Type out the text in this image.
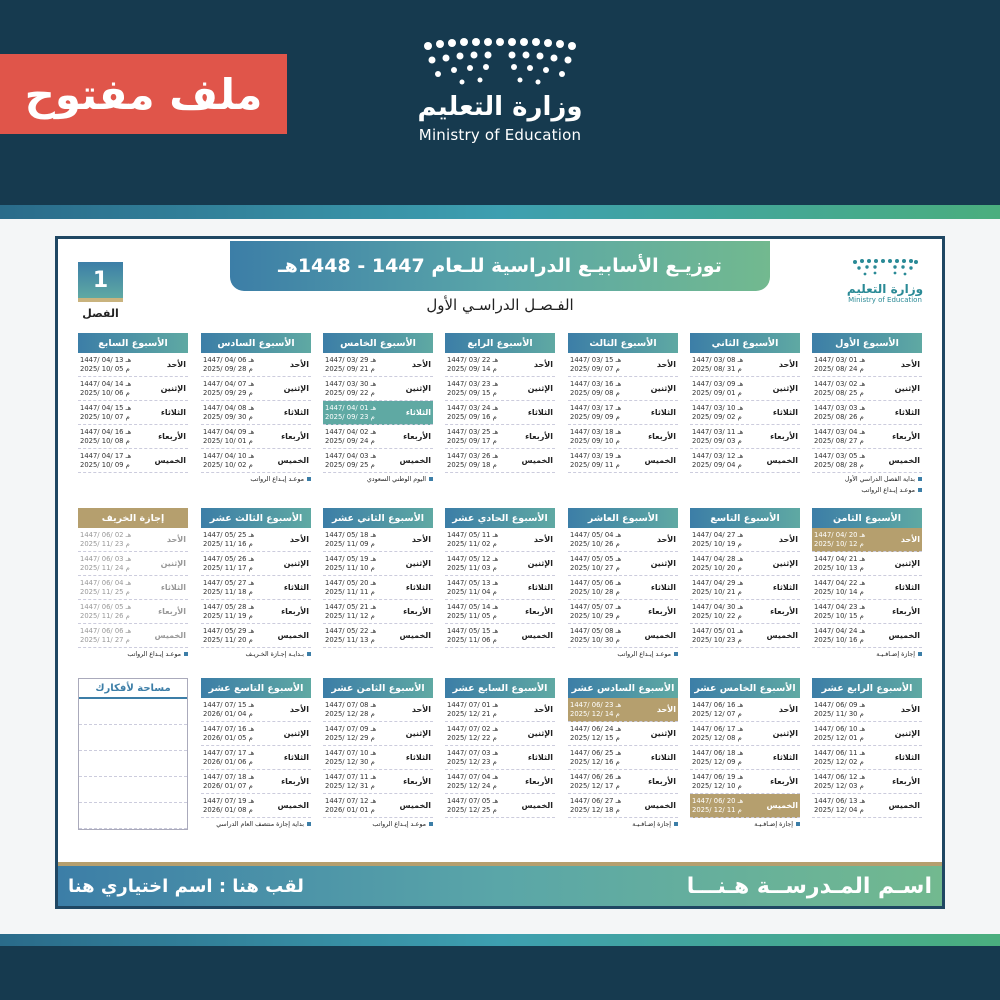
ملف مفتوح	وزارة التعليم
Ministry of Education
توزيـع الأسابيـع الدراسية للـعام 1447 - 1448هـ
الفـصـل الدراسـي الأول
1
الفصل
وزارة التعليم
Ministry of Education
الأسبوع الأول
الأحد
1447/ 03/ 01 هـ
2025/ 08/ 24 م
الإثنين
1447/ 03/ 02 هـ
2025/ 08/ 25 م
الثلاثاء
1447/ 03/ 03 هـ
2025/ 08/ 26 م
الأربعاء
1447/ 03/ 04 هـ
2025/ 08/ 27 م
الخميس
1447/ 03/ 05 هـ
2025/ 08/ 28 م
بداية الفصل الدراسي الأول
موعـد إيـداع الرواتب
الأسبوع الثاني
الأحد
1447/ 03/ 08 هـ
2025/ 08/ 31 م
الإثنين
1447/ 03/ 09 هـ
2025/ 09/ 01 م
الثلاثاء
1447/ 03/ 10 هـ
2025/ 09/ 02 م
الأربعاء
1447/ 03/ 11 هـ
2025/ 09/ 03 م
الخميس
1447/ 03/ 12 هـ
2025/ 09/ 04 م
الأسبوع الثالث
الأحد
1447/ 03/ 15 هـ
2025/ 09/ 07 م
الإثنين
1447/ 03/ 16 هـ
2025/ 09/ 08 م
الثلاثاء
1447/ 03/ 17 هـ
2025/ 09/ 09 م
الأربعاء
1447/ 03/ 18 هـ
2025/ 09/ 10 م
الخميس
1447/ 03/ 19 هـ
2025/ 09/ 11 م
الأسبوع الرابع
الأحد
1447/ 03/ 22 هـ
2025/ 09/ 14 م
الإثنين
1447/ 03/ 23 هـ
2025/ 09/ 15 م
الثلاثاء
1447/ 03/ 24 هـ
2025/ 09/ 16 م
الأربعاء
1447/ 03/ 25 هـ
2025/ 09/ 17 م
الخميس
1447/ 03/ 26 هـ
2025/ 09/ 18 م
الأسبوع الخامس
الأحد
1447/ 03/ 29 هـ
2025/ 09/ 21 م
الإثنين
1447/ 03/ 30 هـ
2025/ 09/ 22 م
الثلاثاء
1447/ 04/ 01 هـ
2025/ 09/ 23 م
الأربعاء
1447/ 04/ 02 هـ
2025/ 09/ 24 م
الخميس
1447/ 04/ 03 هـ
2025/ 09/ 25 م
اليوم الوطني السعودي
الأسبوع السادس
الأحد
1447/ 04/ 06 هـ
2025/ 09/ 28 م
الإثنين
1447/ 04/ 07 هـ
2025/ 09/ 29 م
الثلاثاء
1447/ 04/ 08 هـ
2025/ 09/ 30 م
الأربعاء
1447/ 04/ 09 هـ
2025/ 10/ 01 م
الخميس
1447/ 04/ 10 هـ
2025/ 10/ 02 م
موعـد إيـداع الرواتب
الأسبوع السابع
الأحد
1447/ 04/ 13 هـ
2025/ 10/ 05 م
الإثنين
1447/ 04/ 14 هـ
2025/ 10/ 06 م
الثلاثاء
1447/ 04/ 15 هـ
2025/ 10/ 07 م
الأربعاء
1447/ 04/ 16 هـ
2025/ 10/ 08 م
الخميس
1447/ 04/ 17 هـ
2025/ 10/ 09 م
الأسبوع الثامن
الأحد
1447/ 04/ 20 هـ
2025/ 10/ 12 م
الإثنين
1447/ 04/ 21 هـ
2025/ 10/ 13 م
الثلاثاء
1447/ 04/ 22 هـ
2025/ 10/ 14 م
الأربعاء
1447/ 04/ 23 هـ
2025/ 10/ 15 م
الخميس
1447/ 04/ 24 هـ
2025/ 10/ 16 م
إجازة إضـافـيـة
الأسبوع التاسع
الأحد
1447/ 04/ 27 هـ
2025/ 10/ 19 م
الإثنين
1447/ 04/ 28 هـ
2025/ 10/ 20 م
الثلاثاء
1447/ 04/ 29 هـ
2025/ 10/ 21 م
الأربعاء
1447/ 04/ 30 هـ
2025/ 10/ 22 م
الخميس
1447/ 05/ 01 هـ
2025/ 10/ 23 م
الأسبوع العاشر
الأحد
1447/ 05/ 04 هـ
2025/ 10/ 26 م
الإثنين
1447/ 05/ 05 هـ
2025/ 10/ 27 م
الثلاثاء
1447/ 05/ 06 هـ
2025/ 10/ 28 م
الأربعاء
1447/ 05/ 07 هـ
2025/ 10/ 29 م
الخميس
1447/ 05/ 08 هـ
2025/ 10/ 30 م
موعـد إيـداع الرواتب
الأسبوع الحادي عشر
الأحد
1447/ 05/ 11 هـ
2025/ 11/ 02 م
الإثنين
1447/ 05/ 12 هـ
2025/ 11/ 03 م
الثلاثاء
1447/ 05/ 13 هـ
2025/ 11/ 04 م
الأربعاء
1447/ 05/ 14 هـ
2025/ 11/ 05 م
الخميس
1447/ 05/ 15 هـ
2025/ 11/ 06 م
الأسبوع الثاني عشر
الأحد
1447/ 05/ 18 هـ
2025/ 11/ 09 م
الإثنين
1447/ 05/ 19 هـ
2025/ 11/ 10 م
الثلاثاء
1447/ 05/ 20 هـ
2025/ 11/ 11 م
الأربعاء
1447/ 05/ 21 هـ
2025/ 11/ 12 م
الخميس
1447/ 05/ 22 هـ
2025/ 11/ 13 م
الأسبوع الثالث عشر
الأحد
1447/ 05/ 25 هـ
2025/ 11/ 16 م
الإثنين
1447/ 05/ 26 هـ
2025/ 11/ 17 م
الثلاثاء
1447/ 05/ 27 هـ
2025/ 11/ 18 م
الأربعاء
1447/ 05/ 28 هـ
2025/ 11/ 19 م
الخميس
1447/ 05/ 29 هـ
2025/ 11/ 20 م
بـدايـة إجـازة الخـريـف
إجازة الخريف
الأحد
1447/ 06/ 02 هـ
2025/ 11/ 23 م
الإثنين
1447/ 06/ 03 هـ
2025/ 11/ 24 م
الثلاثاء
1447/ 06/ 04 هـ
2025/ 11/ 25 م
الأربعاء
1447/ 06/ 05 هـ
2025/ 11/ 26 م
الخميس
1447/ 06/ 06 هـ
2025/ 11/ 27 م
موعـد إيـداع الرواتب
الأسبوع الرابع عشر
الأحد
1447/ 06/ 09 هـ
2025/ 11/ 30 م
الإثنين
1447/ 06/ 10 هـ
2025/ 12/ 01 م
الثلاثاء
1447/ 06/ 11 هـ
2025/ 12/ 02 م
الأربعاء
1447/ 06/ 12 هـ
2025/ 12/ 03 م
الخميس
1447/ 06/ 13 هـ
2025/ 12/ 04 م
الأسبوع الخامس عشر
الأحد
1447/ 06/ 16 هـ
2025/ 12/ 07 م
الإثنين
1447/ 06/ 17 هـ
2025/ 12/ 08 م
الثلاثاء
1447/ 06/ 18 هـ
2025/ 12/ 09 م
الأربعاء
1447/ 06/ 19 هـ
2025/ 12/ 10 م
الخميس
1447/ 06/ 20 هـ
2025/ 12/ 11 م
إجازة إضـافـيـة
الأسبوع السادس عشر
الأحد
1447/ 06/ 23 هـ
2025/ 12/ 14 م
الإثنين
1447/ 06/ 24 هـ
2025/ 12/ 15 م
الثلاثاء
1447/ 06/ 25 هـ
2025/ 12/ 16 م
الأربعاء
1447/ 06/ 26 هـ
2025/ 12/ 17 م
الخميس
1447/ 06/ 27 هـ
2025/ 12/ 18 م
إجازة إضـافـيـة
الأسبوع السابع عشر
الأحد
1447/ 07/ 01 هـ
2025/ 12/ 21 م
الإثنين
1447/ 07/ 02 هـ
2025/ 12/ 22 م
الثلاثاء
1447/ 07/ 03 هـ
2025/ 12/ 23 م
الأربعاء
1447/ 07/ 04 هـ
2025/ 12/ 24 م
الخميس
1447/ 07/ 05 هـ
2025/ 12/ 25 م
الأسبوع الثامن عشر
الأحد
1447/ 07/ 08 هـ
2025/ 12/ 28 م
الإثنين
1447/ 07/ 09 هـ
2025/ 12/ 29 م
الثلاثاء
1447/ 07/ 10 هـ
2025/ 12/ 30 م
الأربعاء
1447/ 07/ 11 هـ
2025/ 12/ 31 م
الخميس
1447/ 07/ 12 هـ
2026/ 01/ 01 م
موعـد إيـداع الرواتب
الأسبوع التاسع عشر
الأحد
1447/ 07/ 15 هـ
2026/ 01/ 04 م
الإثنين
1447/ 07/ 16 هـ
2026/ 01/ 05 م
الثلاثاء
1447/ 07/ 17 هـ
2026/ 01/ 06 م
الأربعاء
1447/ 07/ 18 هـ
2026/ 01/ 07 م
الخميس
1447/ 07/ 19 هـ
2026/ 01/ 08 م
بداية إجازة منتصف العام الدراسي
مساحة لأفكارك
اسـم المـدرســة هـنـــا
لقب هنا : اسم اختياري هنا
